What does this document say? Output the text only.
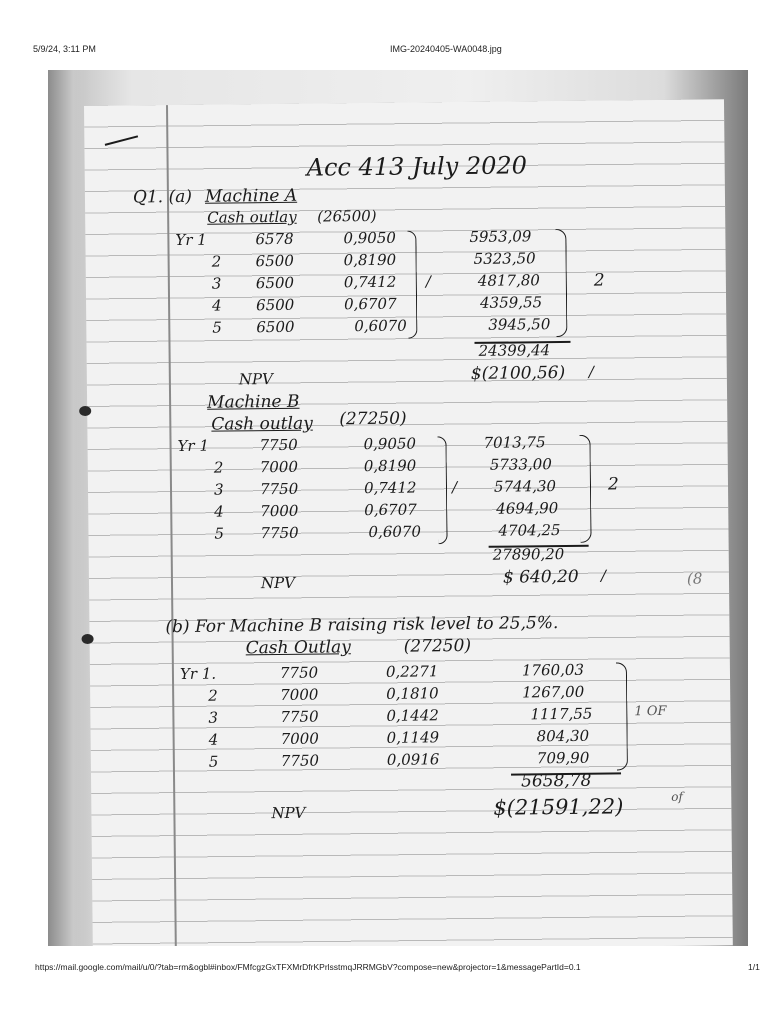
5/9/24, 3:11 PM	IMG-20240405-WA0048.jpg
Acc 413 July 2020
Q1. (a) Machine A
Cash outlay (26500)
Yr 1	6578	0,9050	5953,09
2 6500	0,8190	5323,50
3 6500	0,7412	4817,80
4 6500	0,6707	4359,55
5 6500	0,6070	3945,50
/	2
24399,44
NPV	$(2100,56) /
Machine B
Cash outlay (27250)
Yr 1	7750	0,9050	7013,75
2 7000	0,8190	5733,00
3 7750	0,7412	5744,30
4 7000	0,6707	4694,90
5 7750	0,6070	4704,25
/	2
27890,20
NPV	$ 640,20 /	(8
(b) For Machine B raising risk level to 25,5%.
Cash Outlay	(27250)
Yr 1.	7750	0,2271	1760,03
2	7000	0,1810	1267,00
3	7750	0,1442	1117,55
4	7000	0,1149	804,30
5	7750	0,0916	709,90
1 OF
5658,78
NPV	$(21591,22)	of
https://mail.google.com/mail/u/0/?tab=rm&ogbl#inbox/FMfcgzGxTFXMrDfrKPrlsstmqJRRMGbV?compose=new&projector=1&messagePartId=0.1	1/1
